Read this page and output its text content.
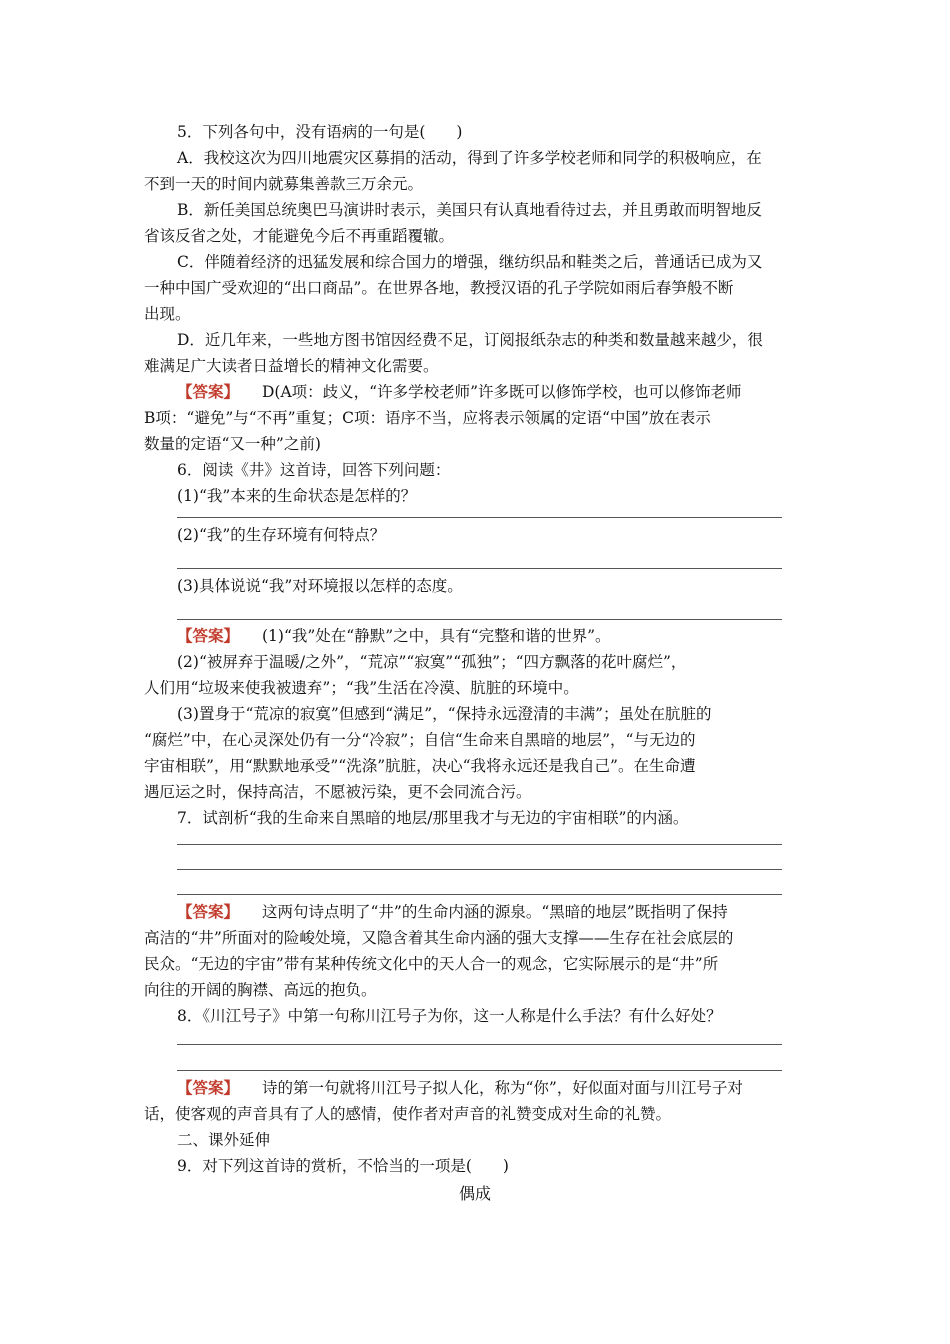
5．下列各句中，没有语病的一句是(　　)
A．我校这次为四川地震灾区募捐的活动，得到了许多学校老师和同学的积极响应，在
不到一天的时间内就募集善款三万余元。
B．新任美国总统奥巴马演讲时表示，美国只有认真地看待过去，并且勇敢而明智地反
省该反省之处，才能避免今后不再重蹈覆辙。
C．伴随着经济的迅猛发展和综合国力的增强，继纺织品和鞋类之后，普通话已成为又
一种中国广受欢迎的“出口商品”。在世界各地，教授汉语的孔子学院如雨后春笋般不断
出现。
D．近几年来，一些地方图书馆因经费不足，订阅报纸杂志的种类和数量越来越少，很
难满足广大读者日益增长的精神文化需要。
【答案】 D(A项：歧义，“许多学校老师”许多既可以修饰学校，也可以修饰老师
B项：“避免”与“不再”重复；C项：语序不当，应将表示领属的定语“中国”放在表示
数量的定语“又一种”之前)
6．阅读《井》这首诗，回答下列问题：
(1)“我”本来的生命状态是怎样的？
(2)“我”的生存环境有何特点？
(3)具体说说“我”对环境报以怎样的态度。
【答案】 (1)“我”处在“静默”之中，具有“完整和谐的世界”。
(2)“被屏弃于温暖/之外”，“荒凉”“寂寞”“孤独”；“四方飘落的花叶腐烂”，
人们用“垃圾来使我被遗弃”；“我”生活在冷漠、肮脏的环境中。
(3)置身于“荒凉的寂寞”但感到“满足”，“保持永远澄清的丰满”；虽处在肮脏的
“腐烂”中，在心灵深处仍有一分“冷寂”；自信“生命来自黑暗的地层”，“与无边的
宇宙相联”，用“默默地承受”“洗涤”肮脏，决心“我将永远还是我自己”。在生命遭
遇厄运之时，保持高洁，不愿被污染，更不会同流合污。
7．试剖析“我的生命来自黑暗的地层/那里我才与无边的宇宙相联”的内涵。
【答案】 这两句诗点明了“井”的生命内涵的源泉。“黑暗的地层”既指明了保持
高洁的“井”所面对的险峻处境，又隐含着其生命内涵的强大支撑——生存在社会底层的
民众。“无边的宇宙”带有某种传统文化中的天人合一的观念，它实际展示的是“井”所
向往的开阔的胸襟、高远的抱负。
8．《川江号子》中第一句称川江号子为你，这一人称是什么手法？有什么好处？
【答案】 诗的第一句就将川江号子拟人化，称为“你”，好似面对面与川江号子对
话，使客观的声音具有了人的感情，使作者对声音的礼赞变成对生命的礼赞。
二、课外延伸
9．对下列这首诗的赏析，不恰当的一项是(　　)
偶成
